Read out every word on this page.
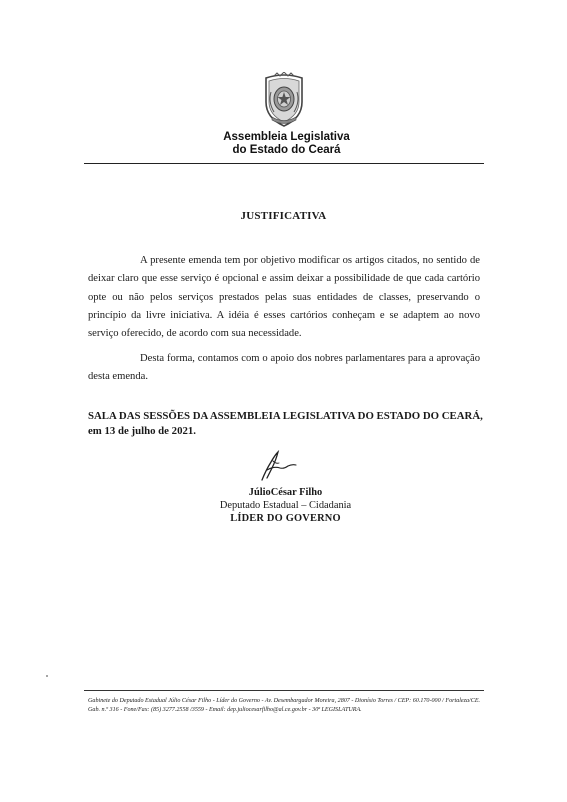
Assembleia Legislativa
do Estado do Ceará
JUSTIFICATIVA

A presente emenda tem por objetivo modificar os artigos citados, no sentido de deixar claro que esse serviço é opcional e assim deixar a possibilidade de que cada cartório opte ou não pelos serviços prestados pelas suas entidades de classes, preservando o princípio da livre iniciativa. A idéia é esses cartórios conheçam e se adaptem ao novo serviço oferecido, de acordo com sua necessidade.

Desta forma, contamos com o apoio dos nobres parlamentares para a aprovação desta emenda.

SALA DAS SESSÕES DA ASSEMBLEIA LEGISLATIVA DO ESTADO DO CEARÁ, em 13 de julho de 2021.

JúlioCésar Filho
Deputado Estadual – Cidadania
LÍDER DO GOVERNO

Gabinete do Deputado Estadual Júlio César Filho - Líder do Governo - Av. Desembargador Moreira, 2807 - Dionísio Torres / CEP: 60.170-000 / Fortaleza/CE. Gab. n.º 316 - Fone/Fax: (85) 3277.2558 /3559 - Email: dep.juliocesarfilho@al.ce.gov.br - 30ª LEGISLATURA.
